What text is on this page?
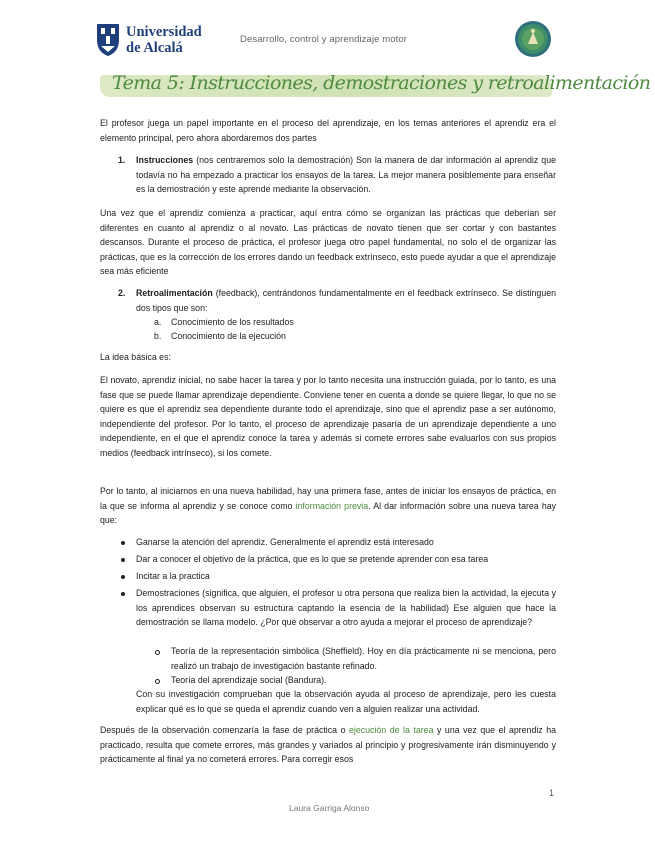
Universidad
de Alcalá
Desarrollo, control y aprendizaje motor
Tema 5: Instrucciones, demostraciones y retroalimentación
El profesor juega un papel importante en el proceso del aprendizaje, en los temas anteriores el aprendiz era el elemento principal, pero ahora abordaremos dos partes
1. Instrucciones (nos centraremos solo la demostración) Son la manera de dar información al aprendiz que todavía no ha empezado a practicar los ensayos de la tarea. La mejor manera posiblemente para enseñar es la demostración y este aprende mediante la observación.
Una vez que el aprendiz comienza a practicar, aquí entra cómo se organizan las prácticas que deberían ser diferentes en cuanto al aprendiz o al novato. Las prácticas de novato tienen que ser cortar y con bastantes descansos. Durante el proceso de práctica, el profesor juega otro papel fundamental, no solo el de organizar las prácticas, que es la corrección de los errores dando un feedback extrínseco, esto puede ayudar a que el aprendizaje sea más eficiente
2. Retroalimentación (feedback), centrándonos fundamentalmente en el feedback extrínseco. Se distinguen dos tipos que son:
a. Conocimiento de los resultados
b. Conocimiento de la ejecución
La idea básica es:
El novato, aprendiz inicial, no sabe hacer la tarea y por lo tanto necesita una instrucción guiada, por lo tanto, es una fase que se puede llamar aprendizaje dependiente. Conviene tener en cuenta a donde se quiere llegar, lo que no se quiere es que el aprendiz sea dependiente durante todo el aprendizaje, sino que el aprendiz pase a ser autónomo, independiente del profesor. Por lo tanto, el proceso de aprendizaje pasaría de un aprendizaje dependiente a uno independiente, en el que el aprendiz conoce la tarea y además si comete errores sabe evaluarlos con sus propios medios (feedback intrínseco), si los comete.
Por lo tanto, al iniciarnos en una nueva habilidad, hay una primera fase, antes de iniciar los ensayos de práctica, en la que se informa al aprendiz y se conoce como información previa. Al dar información sobre una nueva tarea hay que:
Ganarse la atención del aprendiz. Generalmente el aprendiz está interesado
Dar a conocer el objetivo de la práctica, que es lo que se pretende aprender con esa tarea
Incitar a la practica
Demostraciones (significa, que alguien, el profesor u otra persona que realiza bien la actividad, la ejecuta y los aprendices observan su estructura captando la esencia de la habilidad) Ese alguien que hace la demostración se llama modelo. ¿Por qué observar a otro ayuda a mejorar el proceso de aprendizaje?
Teoría de la representación simbólica (Sheffield). Hoy en día prácticamente ni se menciona, pero realizó un trabajo de investigación bastante refinado.
Teoría del aprendizaje social (Bandura).
Con su investigación comprueban que la observación ayuda al proceso de aprendizaje, pero les cuesta explicar qué es lo que se queda el aprendiz cuando ven a alguien realizar una actividad.
Después de la observación comenzaría la fase de práctica o ejecución de la tarea y una vez que el aprendiz ha practicado, resulta que comete errores, más grandes y variados al principio y progresivamente irán disminuyendo y prácticamente al final ya no cometerá errores. Para corregir esos
1
Laura Garriga Alonso
